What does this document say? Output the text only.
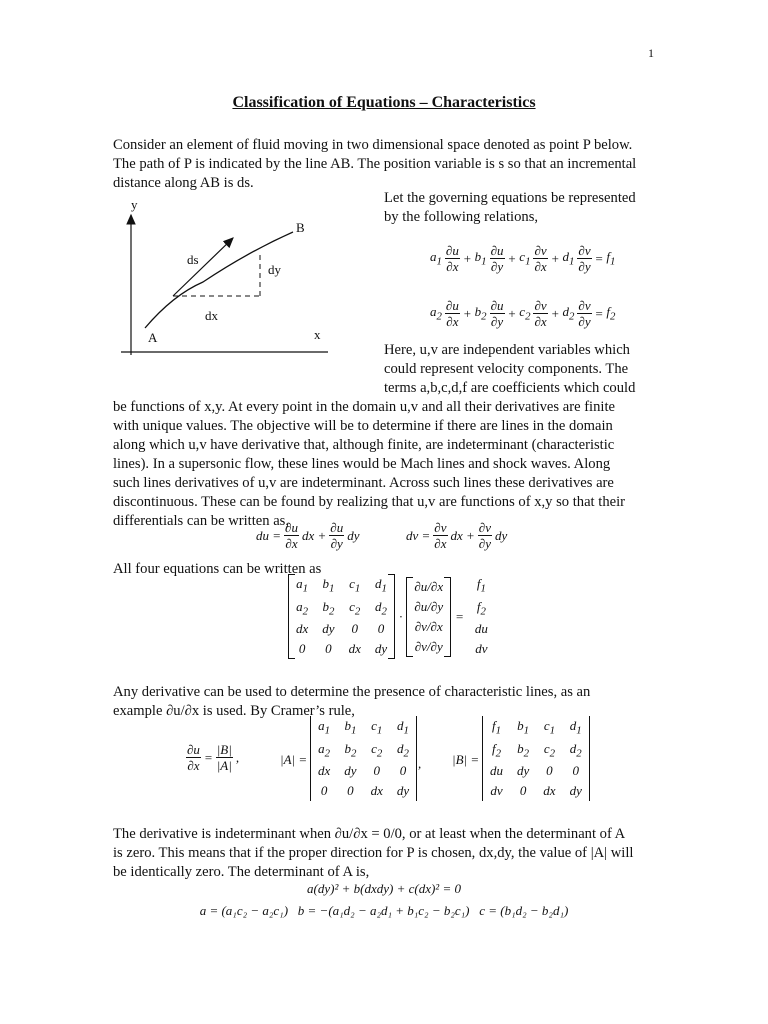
1
Classification of Equations – Characteristics
Consider an element of fluid moving in two dimensional space denoted as point P below.
The path of P is indicated by the line AB. The position variable is s so that an incremental
distance along AB is ds.
Let the governing equations be represented
by the following relations,
y
B
ds
dy
dx
A	x
$a_1 \frac{\partial u}{\partial x} + b_1 \frac{\partial u}{\partial y} + c_1 \frac{\partial v}{\partial x} + d_1 \frac{\partial v}{\partial y} = f_1$
$a_2 \frac{\partial u}{\partial x} + b_2 \frac{\partial u}{\partial y} + c_2 \frac{\partial v}{\partial x} + d_2 \frac{\partial v}{\partial y} = f_2$
Here, u,v are independent variables which
could represent velocity components. The
terms a,b,c,d,f are coefficients which could
be functions of x,y. At every point in the domain u,v and all their derivatives are finite
with unique values. The objective will be to determine if there are lines in the domain
along which u,v have derivative that, although finite, are indeterminant (characteristic
lines). In a supersonic flow, these lines would be Mach lines and shock waves. Along
such lines derivatives of u,v are indeterminant. Across such lines these derivatives are
discontinuous. These can be found by realizing that u,v are functions of x,y so that their
differentials can be written as,
du = $\frac{\partial u}{\partial x}$ dx + $\frac{\partial u}{\partial y}$ dy	dv = $\frac{\partial v}{\partial x}$ dx + $\frac{\partial v}{\partial y}$ dy
All four equations can be written as
$a_1$	$b_1$	$c_1$	$d_1$
$a_2$	$b_2$	$c_2$	$d_2$
dx	dy	0	0
0	0	dx	dy

·
∂u/∂x
∂u/∂y
∂v/∂x
∂v/∂y

=
$f_1$
$f_2$
du
dv
Any derivative can be used to determine the presence of characteristic lines, as an
example ∂u/∂x is used. By Cramer’s rule,
$\frac{\partial u}{\partial x} = \frac{|B|}{|A|}$ ,	|A| =
$a_1$	$b_1$	$c_1$	$d_1$
$a_2$	$b_2$	$c_2$	$d_2$
dx	dy	0	0
0	0	dx	dy
, |B| =
$f_1$	$b_1$	$c_1$	$d_1$
$f_2$	$b_2$	$c_2$	$d_2$
du	dy	0	0
dv	0	dx	dy
The derivative is indeterminant when ∂u/∂x = 0/0, or at least when the determinant of A
is zero. This means that if the proper direction for P is chosen, dx,dy, the value of |A| will
be identically zero. The determinant of A is,
a(dy)² + b(dxdy) + c(dx)² = 0
a = (a₁c₂ − a₂c₁)   b = −(a₁d₂ − a₂d₁ + b₁c₂ − b₂c₁)   c = (b₁d₂ − b₂d₁)
